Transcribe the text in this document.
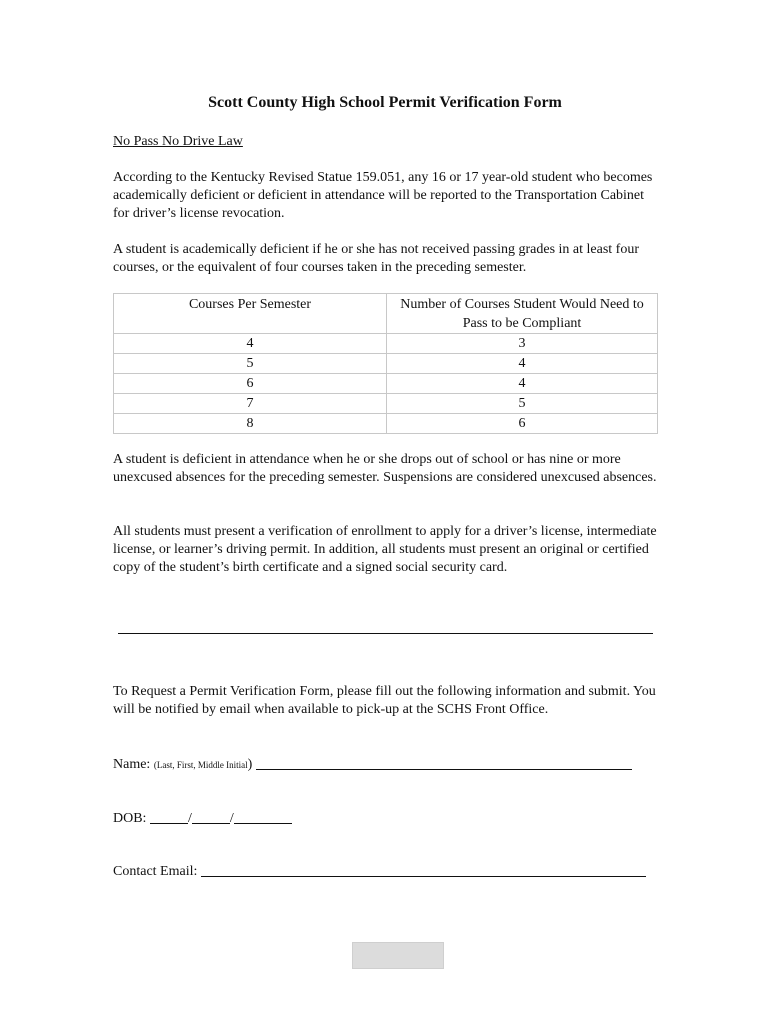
Scott County High School Permit Verification Form
No Pass No Drive Law
According to the Kentucky Revised Statue 159.051, any 16 or 17 year-old student who becomes academically deficient or deficient in attendance will be reported to the Transportation Cabinet for driver’s license revocation.
A student is academically deficient if he or she has not received passing grades in at least four courses, or the equivalent of four courses taken in the preceding semester.
Courses Per Semester	Number of Courses Student Would Need to Pass to be Compliant
4	3
5	4
6	4
7	5
8	6
A student is deficient in attendance when he or she drops out of school or has nine or more unexcused absences for the preceding semester. Suspensions are considered unexcused absences.
All students must present a verification of enrollment to apply for a driver’s license, intermediate license, or learner’s driving permit. In addition, all students must present an original or certified copy of the student’s birth certificate and a signed social security card.
To Request a Permit Verification Form, please fill out the following information and submit. You will be notified by email when available to pick-up at the SCHS Front Office.
Name: (Last, First, Middle Initial)
DOB:	/	/
Contact Email:
